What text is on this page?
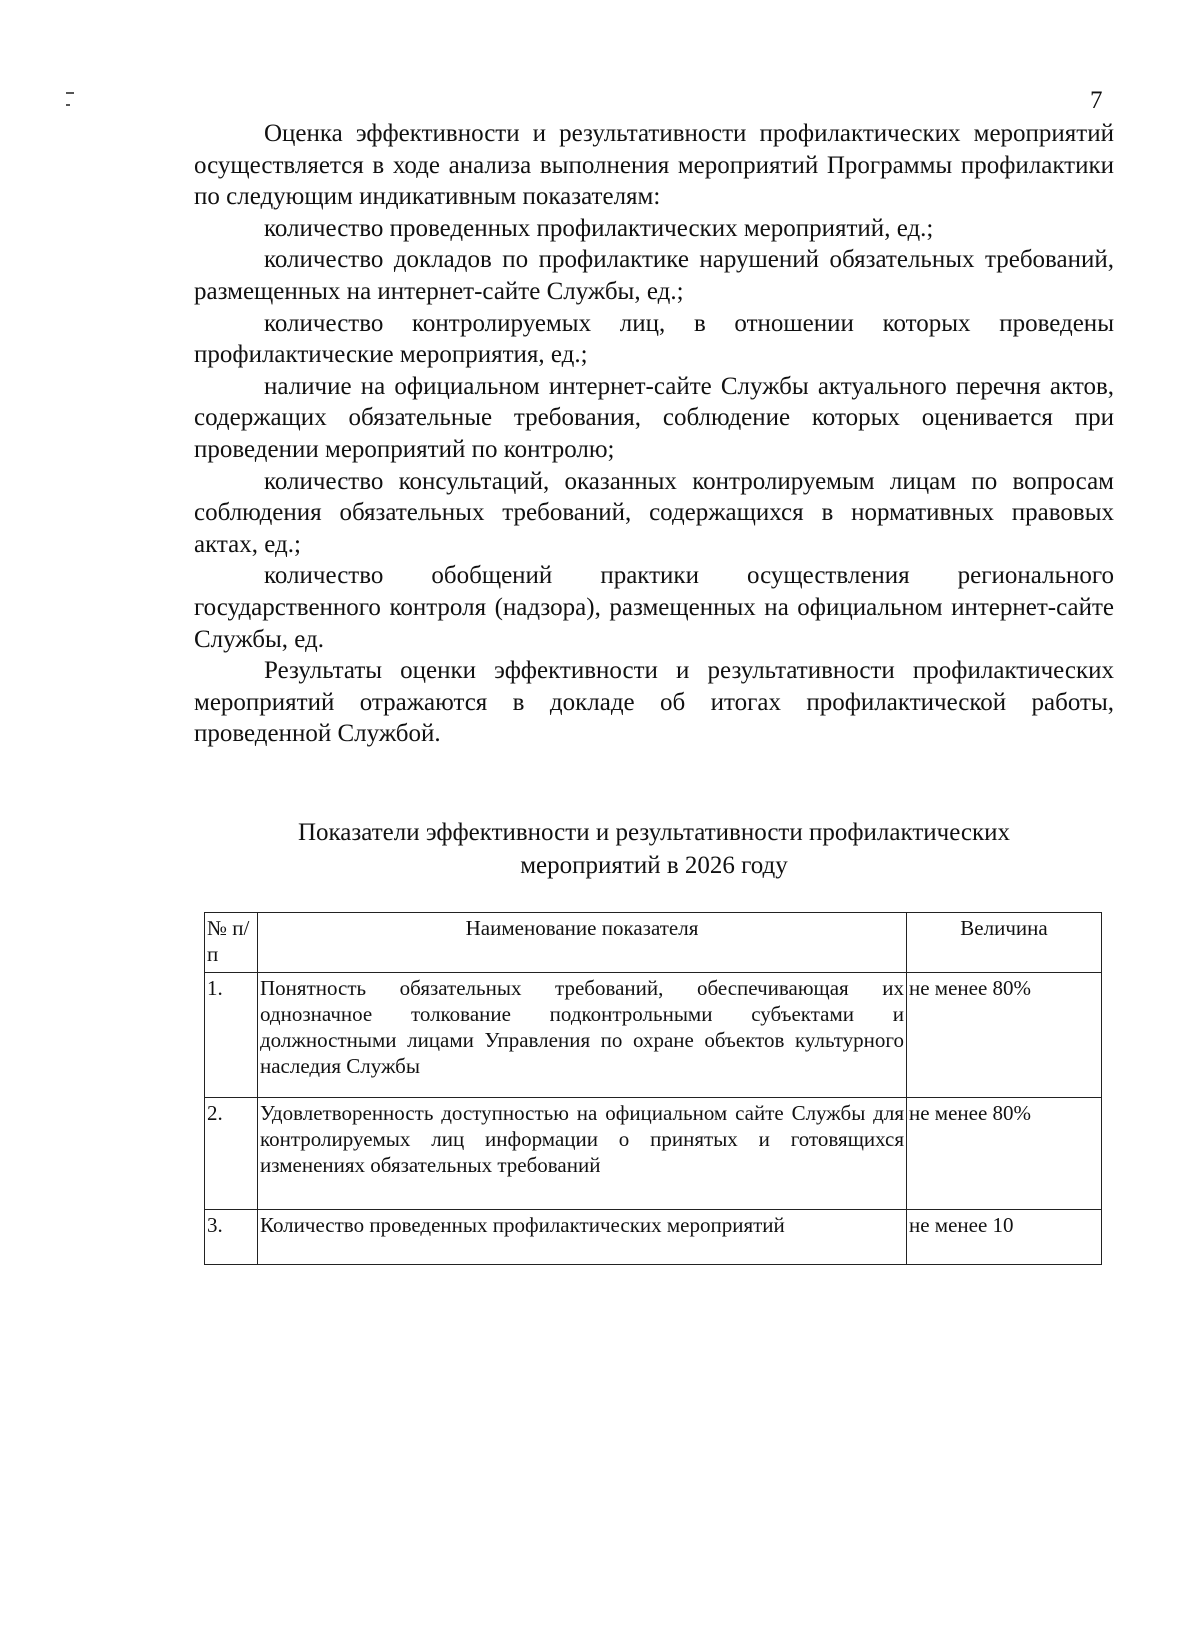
7

Оценка эффективности и результативности профилактических мероприятий осуществляется в ходе анализа выполнения мероприятий Программы профилактики по следующим индикативным показателям:

количество проведенных профилактических мероприятий, ед.;

количество докладов по профилактике нарушений обязательных требований, размещенных на интернет-сайте Службы, ед.;

количество контролируемых лиц, в отношении которых проведены профилактические мероприятия, ед.;

наличие на официальном интернет-сайте Службы актуального перечня актов, содержащих обязательные требования, соблюдение которых оценивается при проведении мероприятий по контролю;

количество консультаций, оказанных контролируемым лицам по вопросам соблюдения обязательных требований, содержащихся в нормативных правовых актах, ед.;

количество обобщений практики осуществления регионального государственного контроля (надзора), размещенных на официальном интернет-сайте Службы, ед.

Результаты оценки эффективности и результативности профилактических мероприятий отражаются в докладе об итогах профилактической работы, проведенной Службой.

Показатели эффективности и результативности профилактических
мероприятий в 2026 году
№ п/п	Наименование показателя	Величина
1.	Понятность обязательных требований, обеспечивающая их однозначное толкование подконтрольными субъектами и должностными лицами Управления по охране объектов культурного наследия Службы	не менее 80%
2.	Удовлетворенность доступностью на официальном сайте Службы для контролируемых лиц информации о принятых и готовящихся изменениях обязательных требований	не менее 80%
3.	Количество проведенных профилактических мероприятий	не менее 10
